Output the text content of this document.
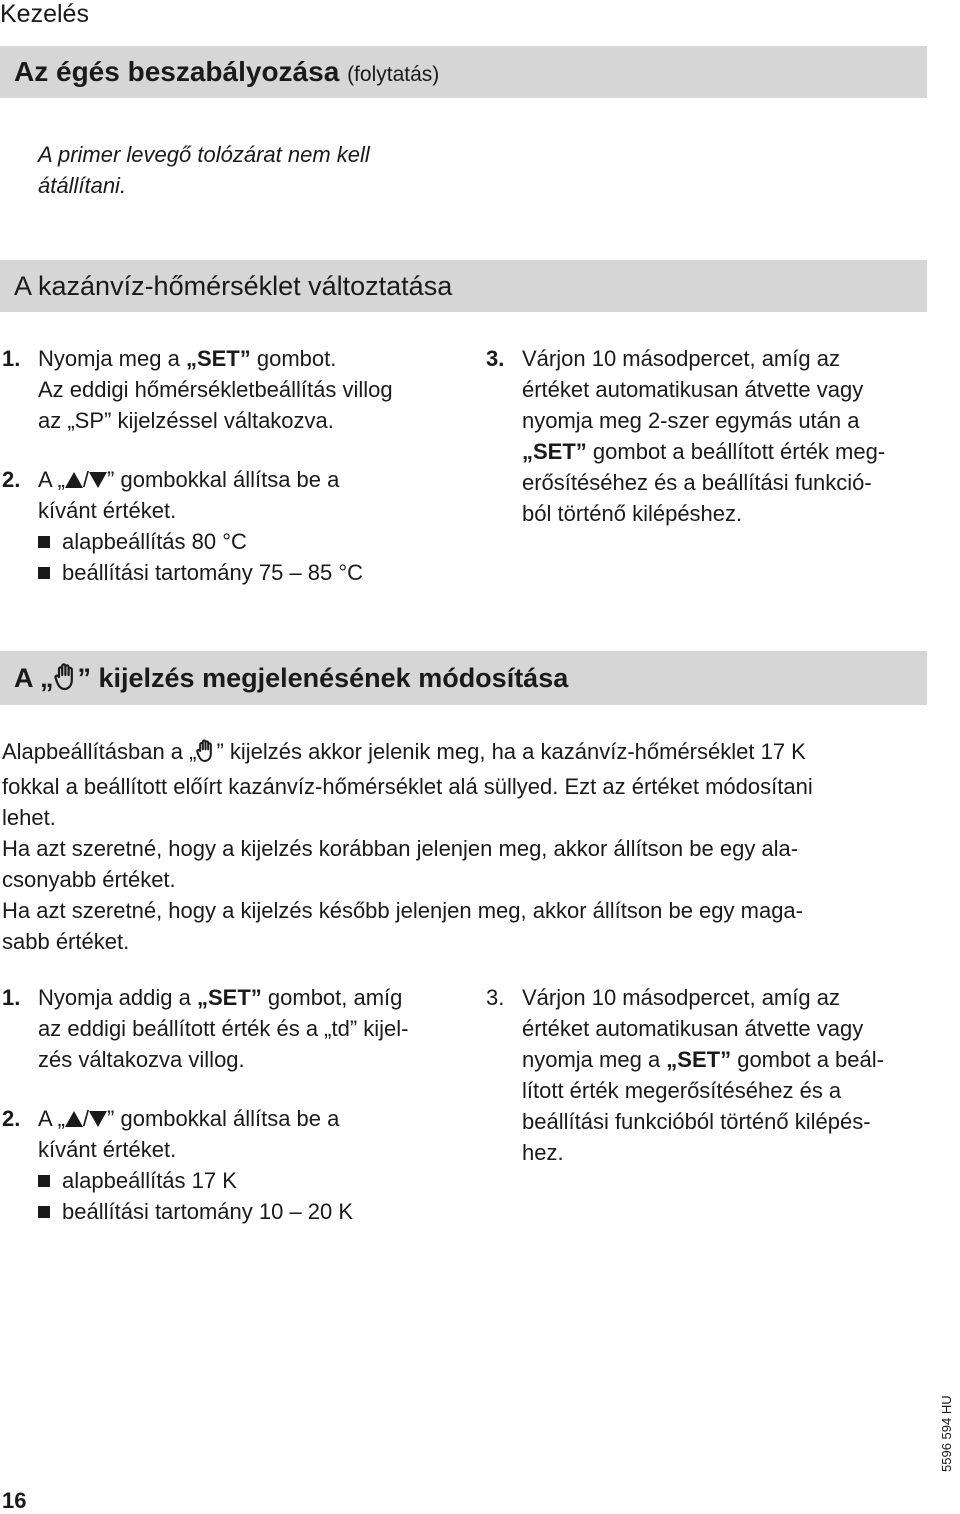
Kezelés
Az égés beszabályozása (folytatás)
A primer levegő tolózárat nem kell
átállítani.
A kazánvíz-hőmérséklet változtatása
1. Nyomja meg a „SET” gombot.
Az eddigi hőmérsékletbeállítás villog
az „SP” kijelzéssel váltakozva.
2. A „ / ” gombokkal állítsa be a
kívánt értéket.
alapbeállítás 80 °C
beállítási tartomány 75 – 85 °C
3. Várjon 10 másodpercet, amíg az
értéket automatikusan átvette vagy
nyomja meg 2-szer egymás után a
„SET” gombot a beállított érték meg-
erősítéséhez és a beállítási funkció-
ból történő kilépéshez.
A „ ” kijelzés megjelenésének módosítása
Alapbeállításban a „ ” kijelzés akkor jelenik meg, ha a kazánvíz-hőmérséklet 17 K
fokkal a beállított előírt kazánvíz-hőmérséklet alá süllyed. Ezt az értéket módosítani
lehet.
Ha azt szeretné, hogy a kijelzés korábban jelenjen meg, akkor állítson be egy ala-
csonyabb értéket.
Ha azt szeretné, hogy a kijelzés később jelenjen meg, akkor állítson be egy maga-
sabb értéket.
1. Nyomja addig a „SET” gombot, amíg
az eddigi beállított érték és a „td” kijel-
zés váltakozva villog.
2. A „ / ” gombokkal állítsa be a
kívánt értéket.
alapbeállítás 17 K
beállítási tartomány 10 – 20 K
3. Várjon 10 másodpercet, amíg az
értéket automatikusan átvette vagy
nyomja meg a „SET” gombot a beál-
lított érték megerősítéséhez és a
beállítási funkcióból történő kilépés-
hez.
16
5596 594 HU
